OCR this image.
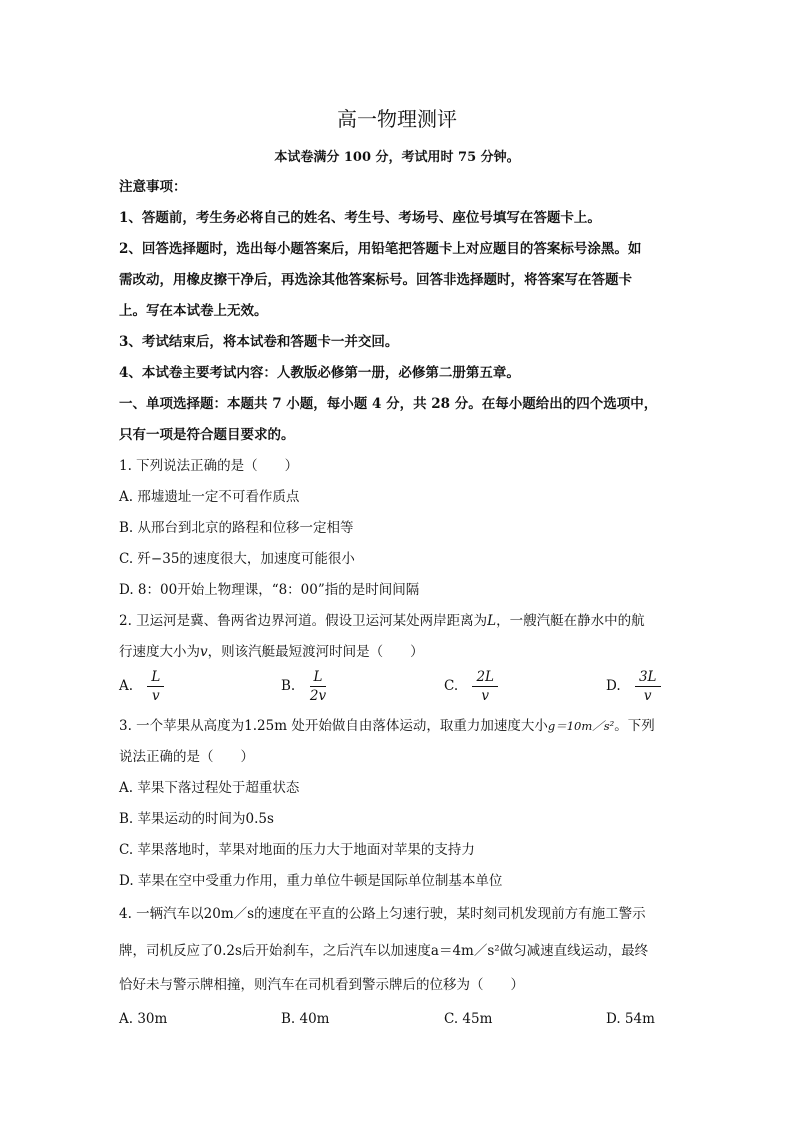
高一物理测评
本试卷满分 100 分，考试用时 75 分钟。
注意事项：
1、答题前，考生务必将自己的姓名、考生号、考场号、座位号填写在答题卡上。
2、回答选择题时，选出每小题答案后，用铅笔把答题卡上对应题目的答案标号涂黑。如
需改动，用橡皮擦干净后，再选涂其他答案标号。回答非选择题时，将答案写在答题卡
上。写在本试卷上无效。
3、考试结束后，将本试卷和答题卡一并交回。
4、本试卷主要考试内容：人教版必修第一册，必修第二册第五章。
一、单项选择题：本题共 7 小题，每小题 4 分，共 28 分。在每小题给出的四个选项中，
只有一项是符合题目要求的。
1. 下列说法正确的是（　　）
A. 邢墟遗址一定不可看作质点
B. 从邢台到北京的路程和位移一定相等
C. 歼−35的速度很大，加速度可能很小
D. 8：00开始上物理课，“8：00”指的是时间间隔
2. 卫运河是冀、鲁两省边界河道。假设卫运河某处两岸距离为L，一艘汽艇在静水中的航
行速度大小为v，则该汽艇最短渡河时间是（　　）
A. $\frac{L}{v}$	B. $\frac{L}{2v}$	C. $\frac{2L}{v}$	D. $\frac{3L}{v}$
3. 一个苹果从高度为1.25m 处开始做自由落体运动，取重力加速度大小g＝10m／s²。下列
说法正确的是（　　）
A. 苹果下落过程处于超重状态
B. 苹果运动的时间为0.5s
C. 苹果落地时，苹果对地面的压力大于地面对苹果的支持力
D. 苹果在空中受重力作用，重力单位牛顿是国际单位制基本单位
4. 一辆汽车以20m／s的速度在平直的公路上匀速行驶，某时刻司机发现前方有施工警示
牌，司机反应了0.2s后开始刹车，之后汽车以加速度a＝4m／s²做匀减速直线运动，最终
恰好未与警示牌相撞，则汽车在司机看到警示牌后的位移为（　　）
A. 30m	B. 40m	C. 45m	D. 54m
